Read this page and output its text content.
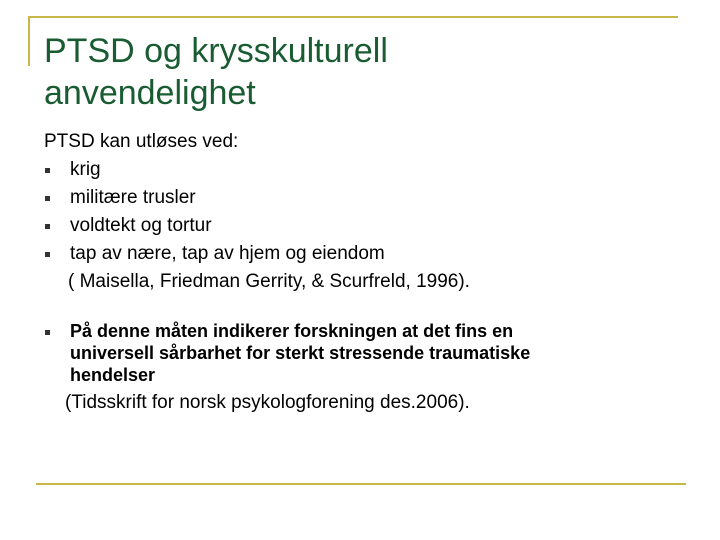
PTSD og krysskulturell
anvendelighet

PTSD kan utløses ved:

krig
militære trusler
voldtekt og tortur
tap av nære, tap av hjem og eiendom
( Maisella, Friedman Gerrity, & Scurfreld, 1996).
På denne måten indikerer forskningen at det fins en
universell sårbarhet for sterkt stressende traumatiske
hendelser
(Tidsskrift for norsk psykologforening des.2006).
